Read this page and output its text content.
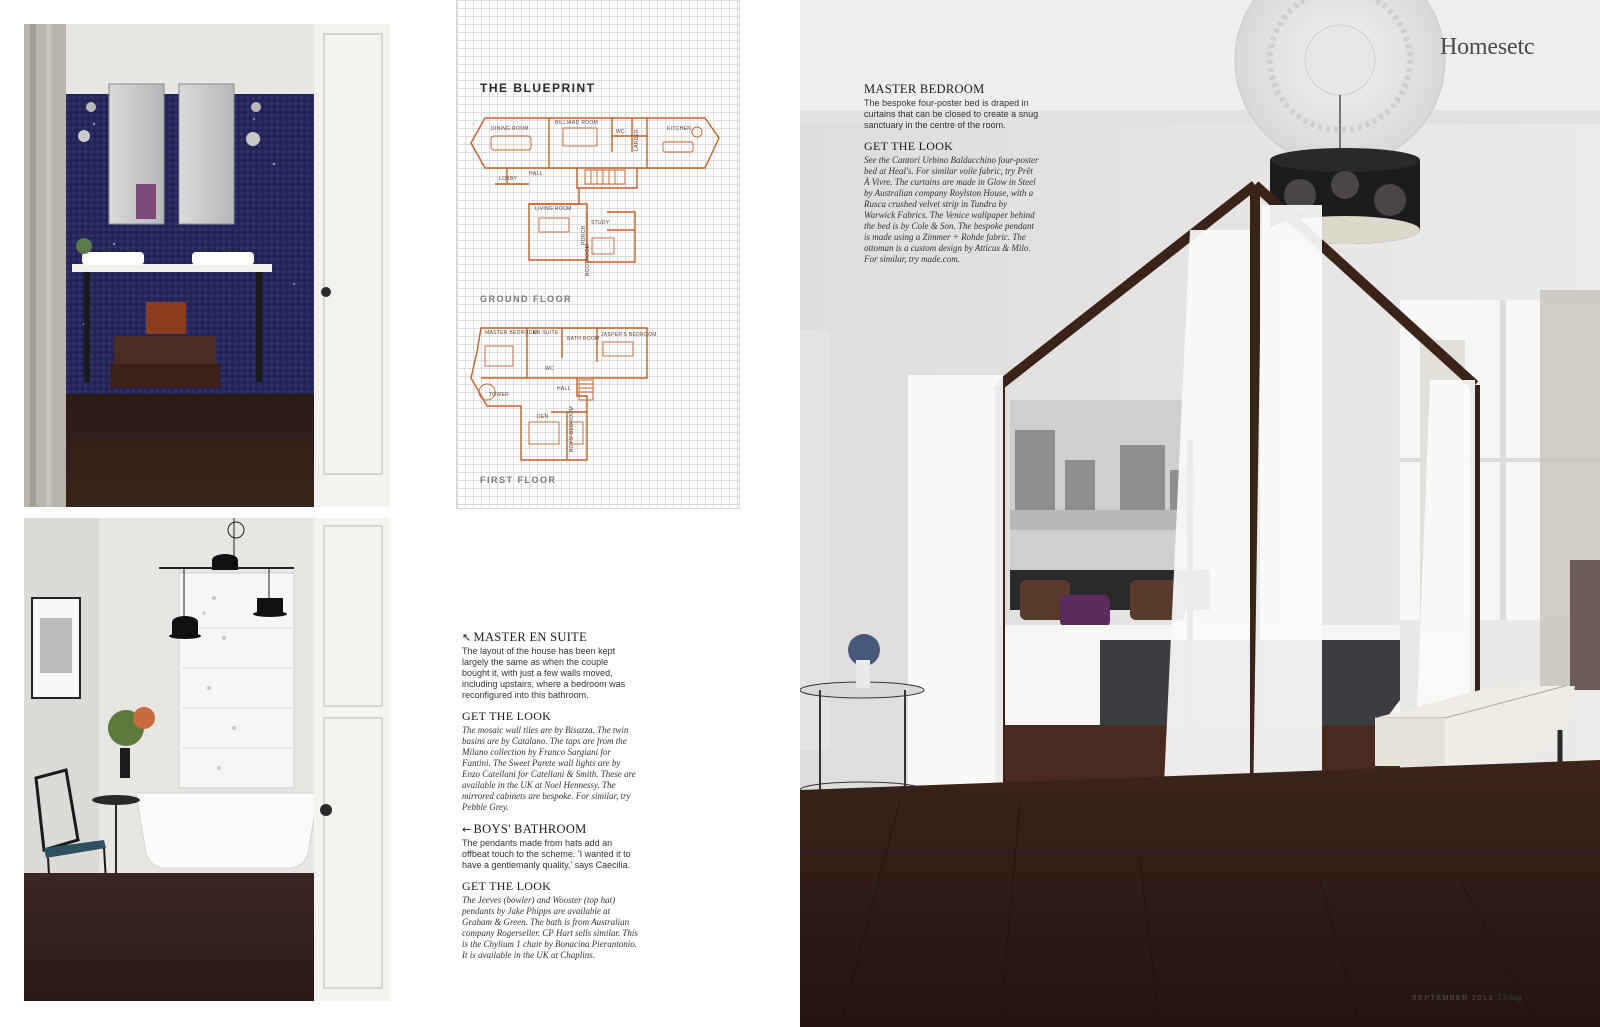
THE BLUEPRINT
DINING ROOM
BILLIARD ROOM
WC LARDER	KITCHEN
LOBBY
HALL
LIVING ROOM
STUDY
PORCH
BOOTROOM
GROUND FLOOR
MASTER BEDROOM
EN SUITE
BATH ROOM
JASPER'S BEDROOM
WC
HALL
TOWER
DEN	BOYS' BEDROOM
FIRST FLOOR
↖ MASTER EN SUITE
The layout of the house has been kept largely the same as when the couple bought it, with just a few walls moved, including upstairs, where a bedroom was reconfigured into this bathroom.
GET THE LOOK
The mosaic wall tiles are by Bisazza. The twin basins are by Catalano. The taps are from the Milano collection by Franco Sargiani for Fantini. The Sweet Parete wall lights are by Enzo Catellani for Catellani & Smith. These are available in the UK at Noel Hennessy. The mirrored cabinets are bespoke. For similar, try Pebble Grey.
← BOYS' BATHROOM
The pendants made from hats add an offbeat touch to the scheme. 'I wanted it to have a gentlemanly quality,' says Caecilia.
GET THE LOOK
The Jeeves (bowler) and Wooster (top hat) pendants by Jake Phipps are available at Graham & Green. The bath is from Australian company Rogerseller. CP Hart sells similar. This is the Chylium 1 chair by Bonacina Pierantonio. It is available in the UK at Chaplins.
MASTER BEDROOM
The bespoke four-poster bed is draped in curtains that can be closed to create a snug sanctuary in the centre of the room.
GET THE LOOK
See the Cantori Urbino Baldacchino four-poster bed at Heal's. For similar voile fabric, try Prêt À Vivre. The curtains are made in Glow in Steel by Australian company Roylston House, with a Rusca crushed velvet strip in Tundra by Warwick Fabrics. The Venice wallpaper behind the bed is by Cole & Son. The bespoke pendant is made using a Zimmer + Rohde fabric. The ottoman is a custom design by Atticus & Milo. For similar, try made.com.
Homesetc
SEPTEMBER 2013 Living
